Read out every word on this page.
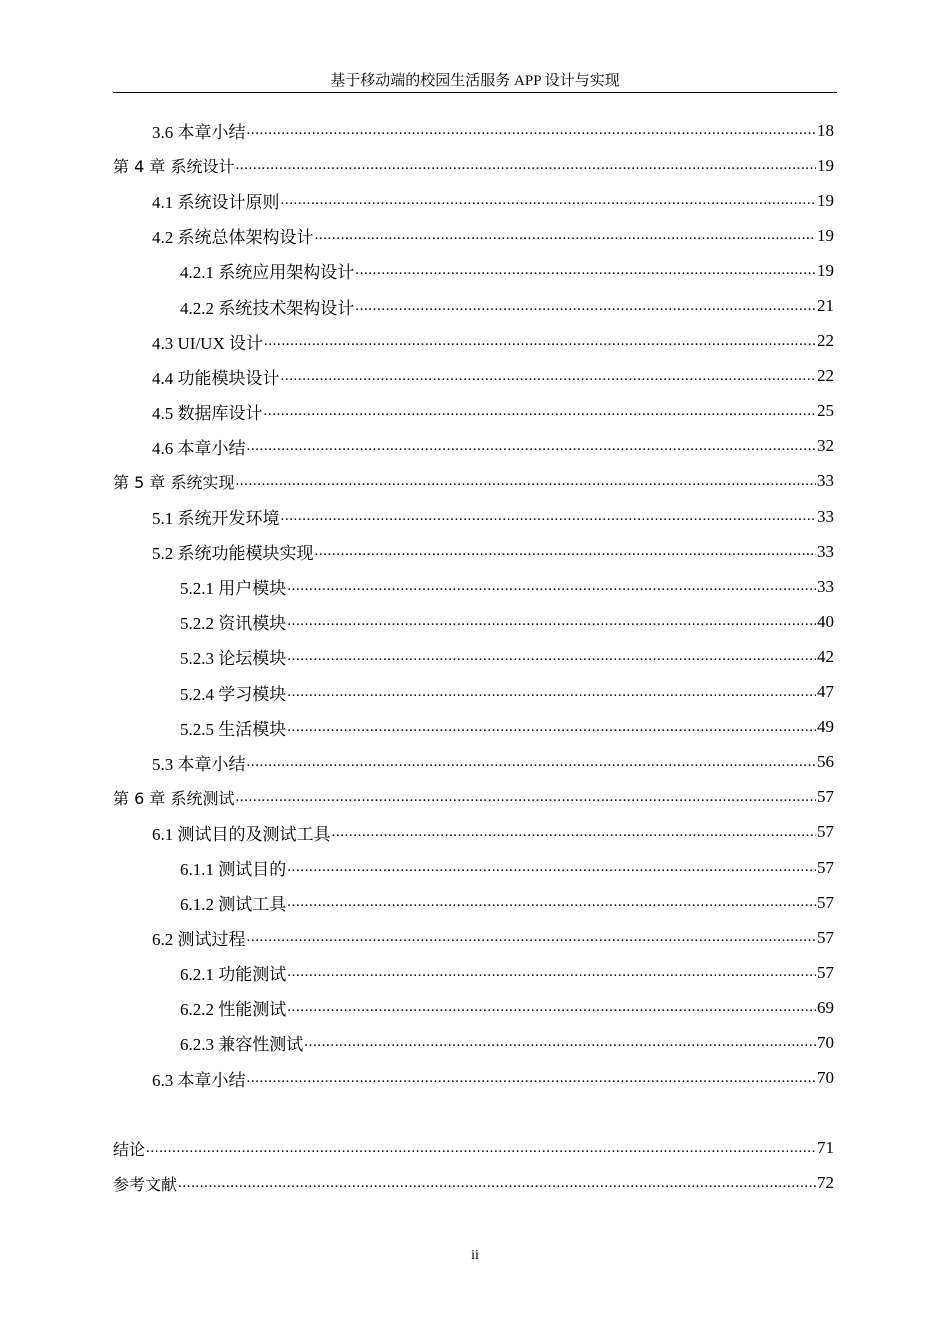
基于移动端的校园生活服务 APP 设计与实现
3.6 本章小结 .....	18
第 4 章 系统设计 .....	19
4.1 系统设计原则 .....	19
4.2 系统总体架构设计 .....	19
4.2.1 系统应用架构设计 .....	19
4.2.2 系统技术架构设计 .....	21
4.3 UI/UX 设计 .....	22
4.4 功能模块设计 .....	22
4.5 数据库设计 .....	25
4.6 本章小结 .....	32
第 5 章 系统实现 .....	33
5.1 系统开发环境 .....	33
5.2 系统功能模块实现 .....	33
5.2.1 用户模块 .....	33
5.2.2 资讯模块 .....	40
5.2.3 论坛模块 .....	42
5.2.4 学习模块 .....	47
5.2.5 生活模块 .....	49
5.3 本章小结 .....	56
第 6 章 系统测试 .....	57
6.1 测试目的及测试工具 .....	57
6.1.1 测试目的 .....	57
6.1.2 测试工具 .....	57
6.2 测试过程 .....	57
6.2.1 功能测试 .....	57
6.2.2 性能测试 .....	69
6.2.3 兼容性测试 .....	70
6.3 本章小结 .....	70
结论 .....	71
参考文献 .....	72
ii
